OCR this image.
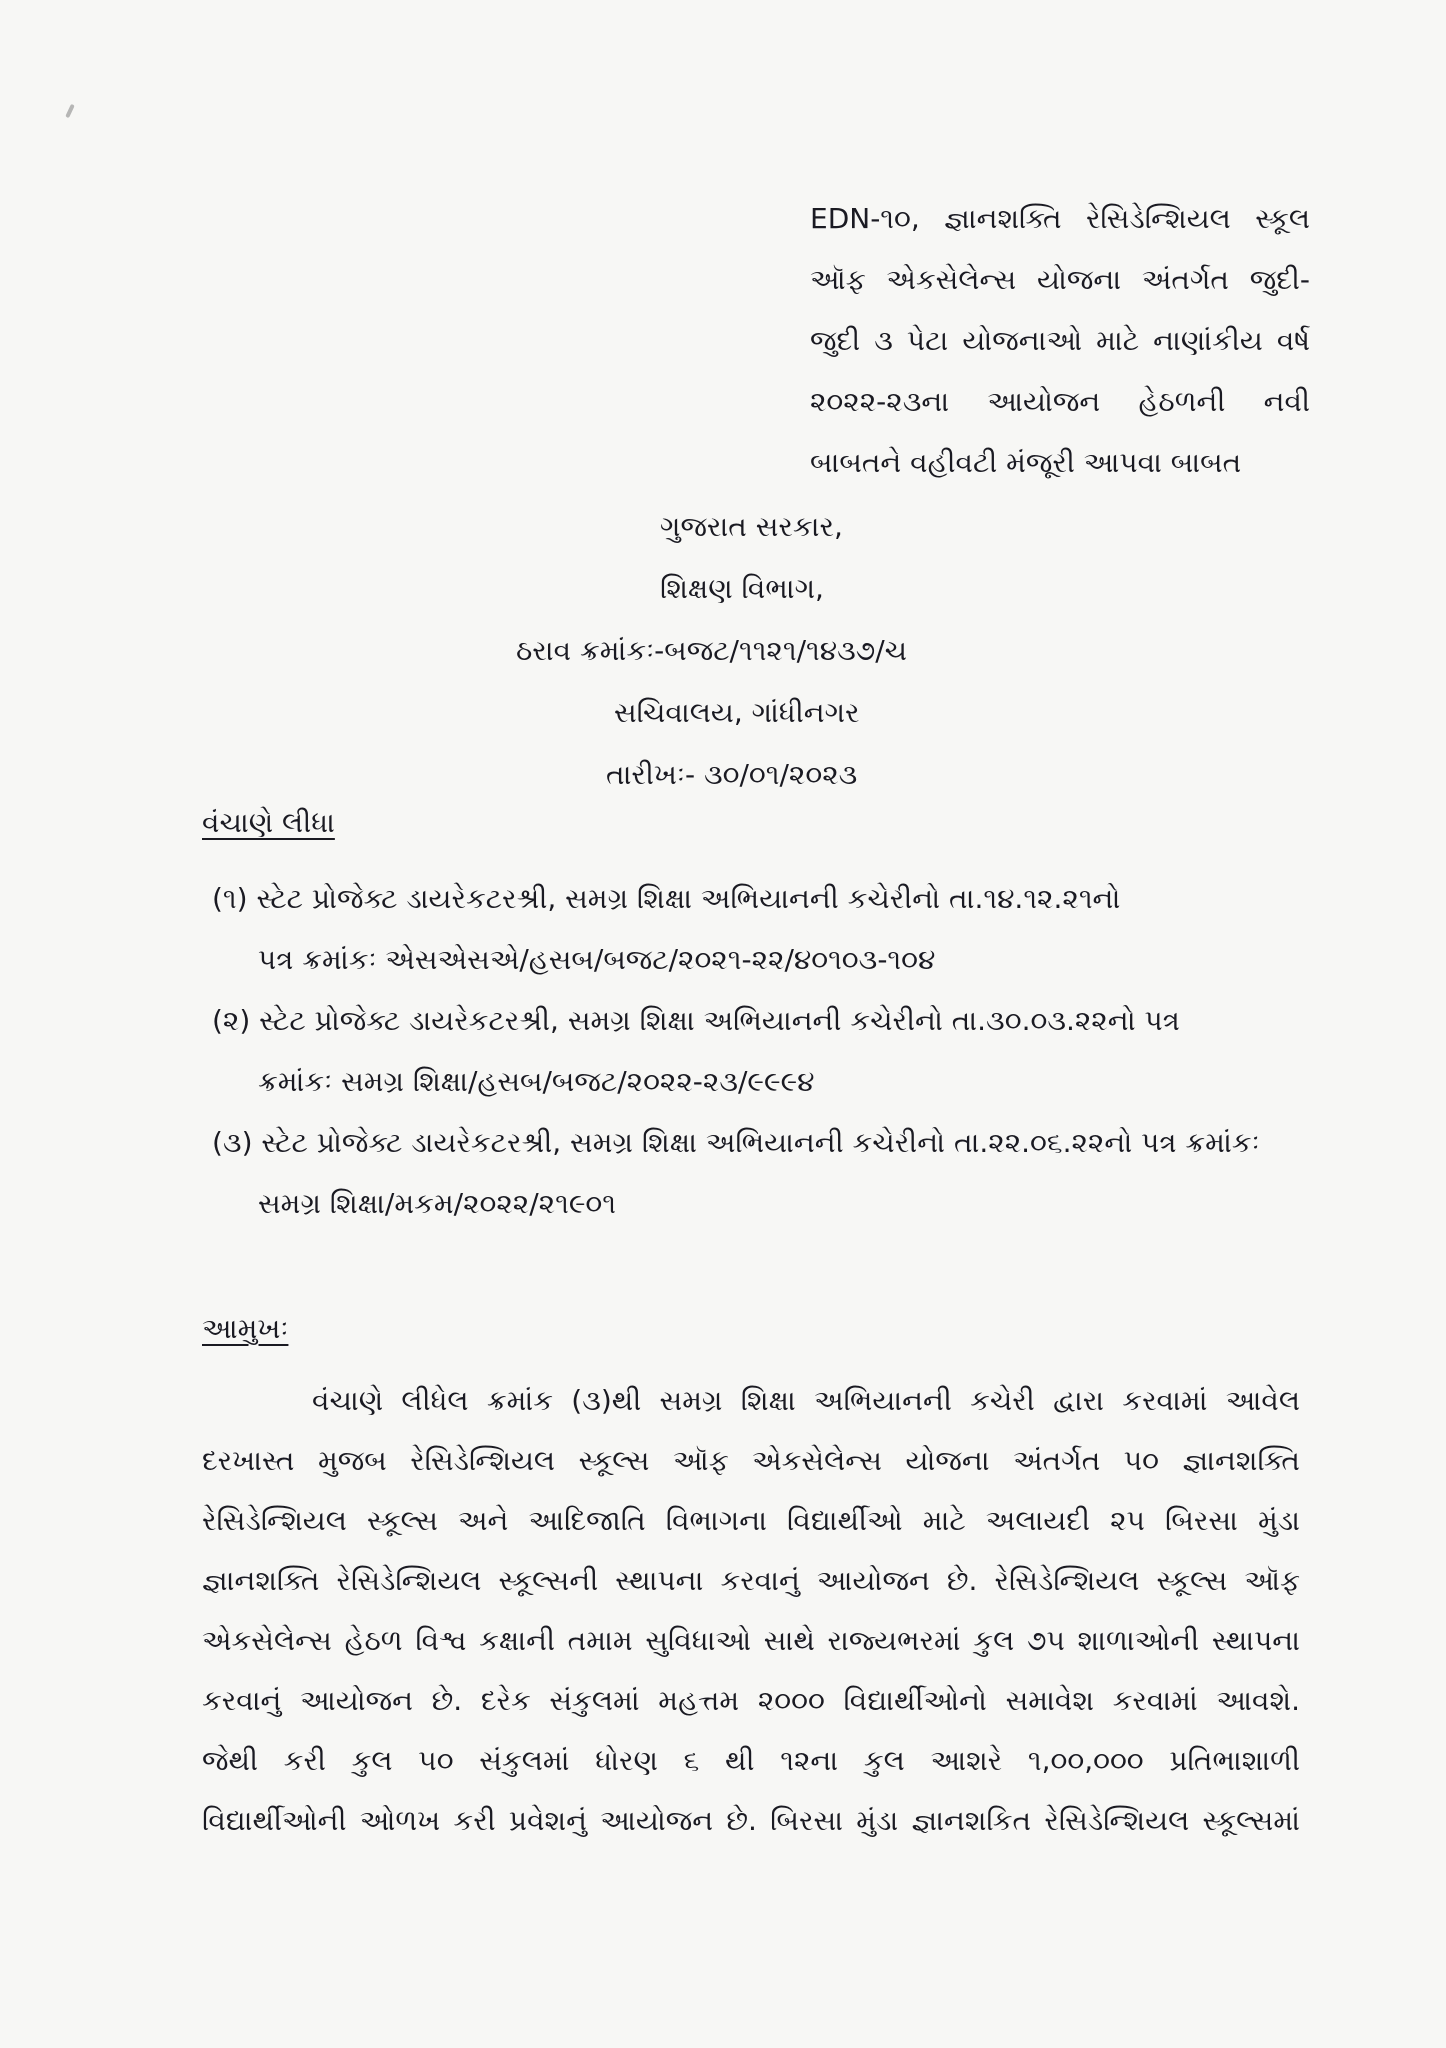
EDN-૧૦, જ્ઞાનશક્તિ રેસિડેન્શિયલ સ્કૂલ
ઑફ એકસેલેન્સ યોજના અંતર્ગત જુદી-
જુદી ૩ પેટા યોજનાઓ માટે નાણાંકીય વર્ષ
૨૦૨૨-૨૩ના આયોજન હેઠળની નવી
બાબતને વહીવટી મંજૂરી આપવા બાબત
ગુજરાત સરકાર,
શિક્ષણ વિભાગ,
ઠરાવ ક્રમાંકઃ-બજટ/૧૧૨૧/૧૪૩૭/ચ
સચિવાલય, ગાંધીનગર
તારીખઃ- ૩૦/૦૧/૨૦૨૩
વંચાણે લીધા
(૧) સ્ટેટ પ્રોજેક્ટ ડાયરેકટરશ્રી, સમગ્ર શિક્ષા અભિયાનની કચેરીનો તા.૧૪.૧૨.૨૧નો
પત્ર ક્રમાંકઃ એસએસએ/હસબ/બજટ/૨૦૨૧-૨૨/૪૦૧૦૩-૧૦૪
(૨) સ્ટેટ પ્રોજેક્ટ ડાયરેકટરશ્રી, સમગ્ર શિક્ષા અભિયાનની કચેરીનો તા.૩૦.૦૩.૨૨નો પત્ર
ક્રમાંકઃ સમગ્ર શિક્ષા/હસબ/બજટ/૨૦૨૨-૨૩/૯૯૯૪
(૩) સ્ટેટ પ્રોજેક્ટ ડાયરેકટરશ્રી, સમગ્ર શિક્ષા અભિયાનની કચેરીનો તા.૨૨.૦૬.૨૨નો પત્ર ક્રમાંકઃ
સમગ્ર શિક્ષા/મકમ/૨૦૨૨/૨૧૯૦૧
આમુખઃ
વંચાણે લીધેલ ક્રમાંક (૩)થી સમગ્ર શિક્ષા અભિયાનની કચેરી દ્વારા કરવામાં આવેલ
દરખાસ્ત મુજબ રેસિડેન્શિયલ સ્કૂલ્સ ઑફ એકસેલેન્સ યોજના અંતર્ગત ૫૦ જ્ઞાનશક્તિ
રેસિડેન્શિયલ સ્કૂલ્સ અને આદિજાતિ વિભાગના વિદ્યાર્થીઓ માટે અલાયદી ૨૫ બિરસા મુંડા
જ્ઞાનશક્તિ રેસિડેન્શિયલ સ્કૂલ્સની સ્થાપના કરવાનું આયોજન છે. રેસિડેન્શિયલ સ્કૂલ્સ ઑફ
એકસેલેન્સ હેઠળ વિશ્વ કક્ષાની તમામ સુવિધાઓ સાથે રાજ્યભરમાં કુલ ૭૫ શાળાઓની સ્થાપના
કરવાનું આયોજન છે. દરેક સંકુલમાં મહત્તમ ૨૦૦૦ વિદ્યાર્થીઓનો સમાવેશ કરવામાં આવશે.
જેથી કરી કુલ ૫૦ સંકુલમાં ધોરણ ૬ થી ૧૨ના કુલ આશરે ૧,૦૦,૦૦૦ પ્રતિભાશાળી
વિદ્યાર્થીઓની ઓળખ કરી પ્રવેશનું આયોજન છે. બિરસા મુંડા જ્ઞાનશકિત રેસિડેન્શિયલ સ્કૂલ્સમાં
